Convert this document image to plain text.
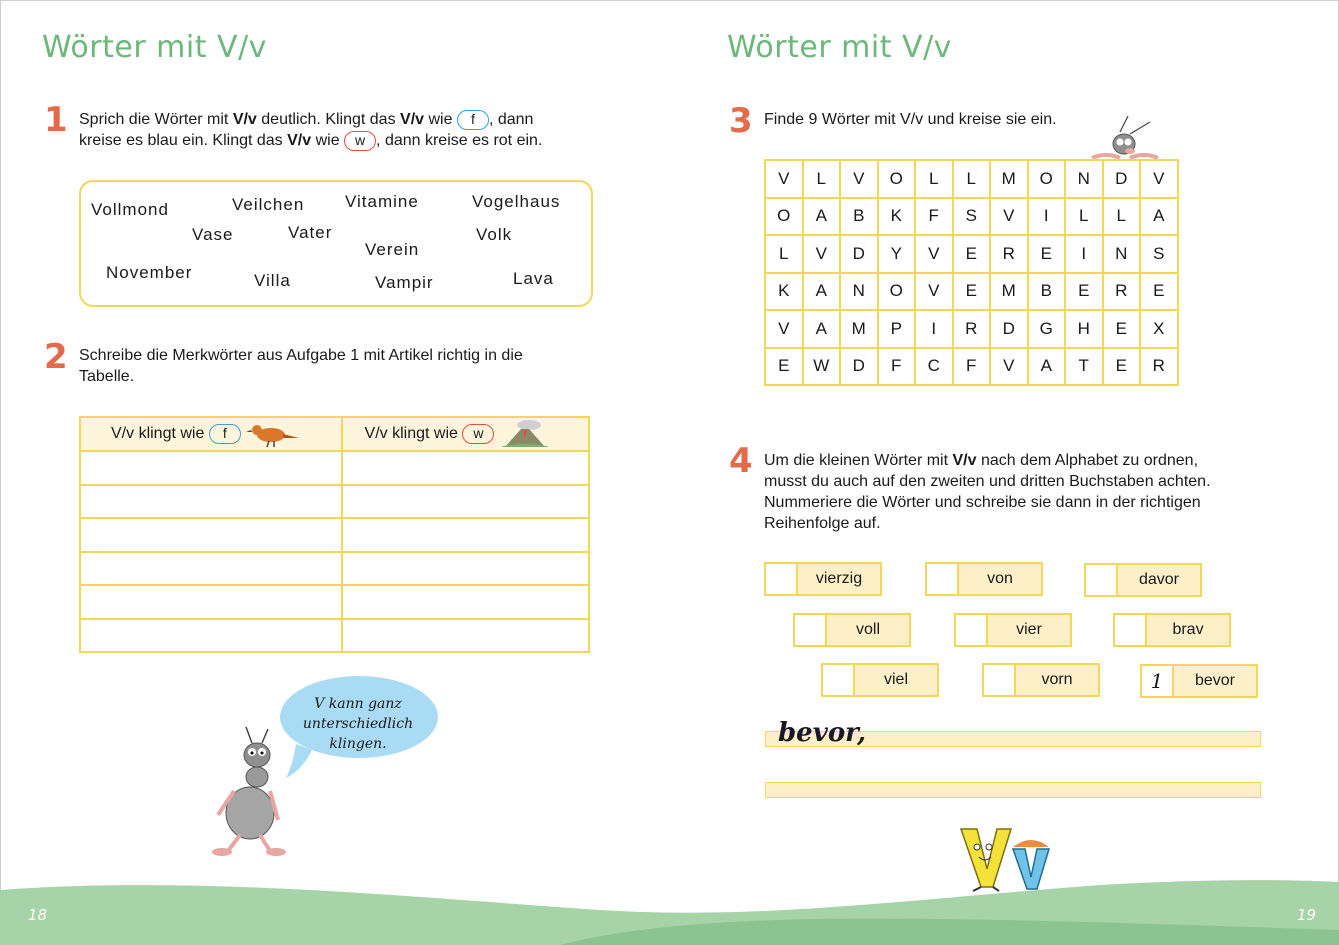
Wörter mit V/v
1 Sprich die Wörter mit V/v deutlich. Klingt das V/v wie f , dann
kreise es blau ein. Klingt das V/v wie w , dann kreise es rot ein.
Vollmond	Veilchen Vitamine	Vogelhaus
Vase	Vater	Volk
Verein
November	Villa	Vampir	Lava
2 Schreibe die Merkwörter aus Aufgabe 1 mit Artikel richtig in die
Tabelle.
V/v klingt wie f	V/v klingt wie w

V kann ganz
unterschiedlich
klingen.
18
Wörter mit V/v
3 Finde 9 Wörter mit V/v und kreise sie ein.
V	L	V	O	L	L	M	O	N	D	V
O	A	B	K	F	S	V	I	L	L	A
L	V	D	Y	V	E	R	E	I	N	S
K	A	N	O	V	E	M	B	E	R	E
V	A	M	P	I	R	D	G	H	E	X
E	W	D	F	C	F	V	A	T	E	R
4 Um die kleinen Wörter mit V/v nach dem Alphabet zu ordnen,
musst du auch auf den zweiten und dritten Buchstaben achten.
Nummeriere die Wörter und schreibe sie dann in der richtigen
Reihenfolge auf.
vierzig	von	davor
voll	vier	brav
viel	vorn	1	bevor
bevor,
19
